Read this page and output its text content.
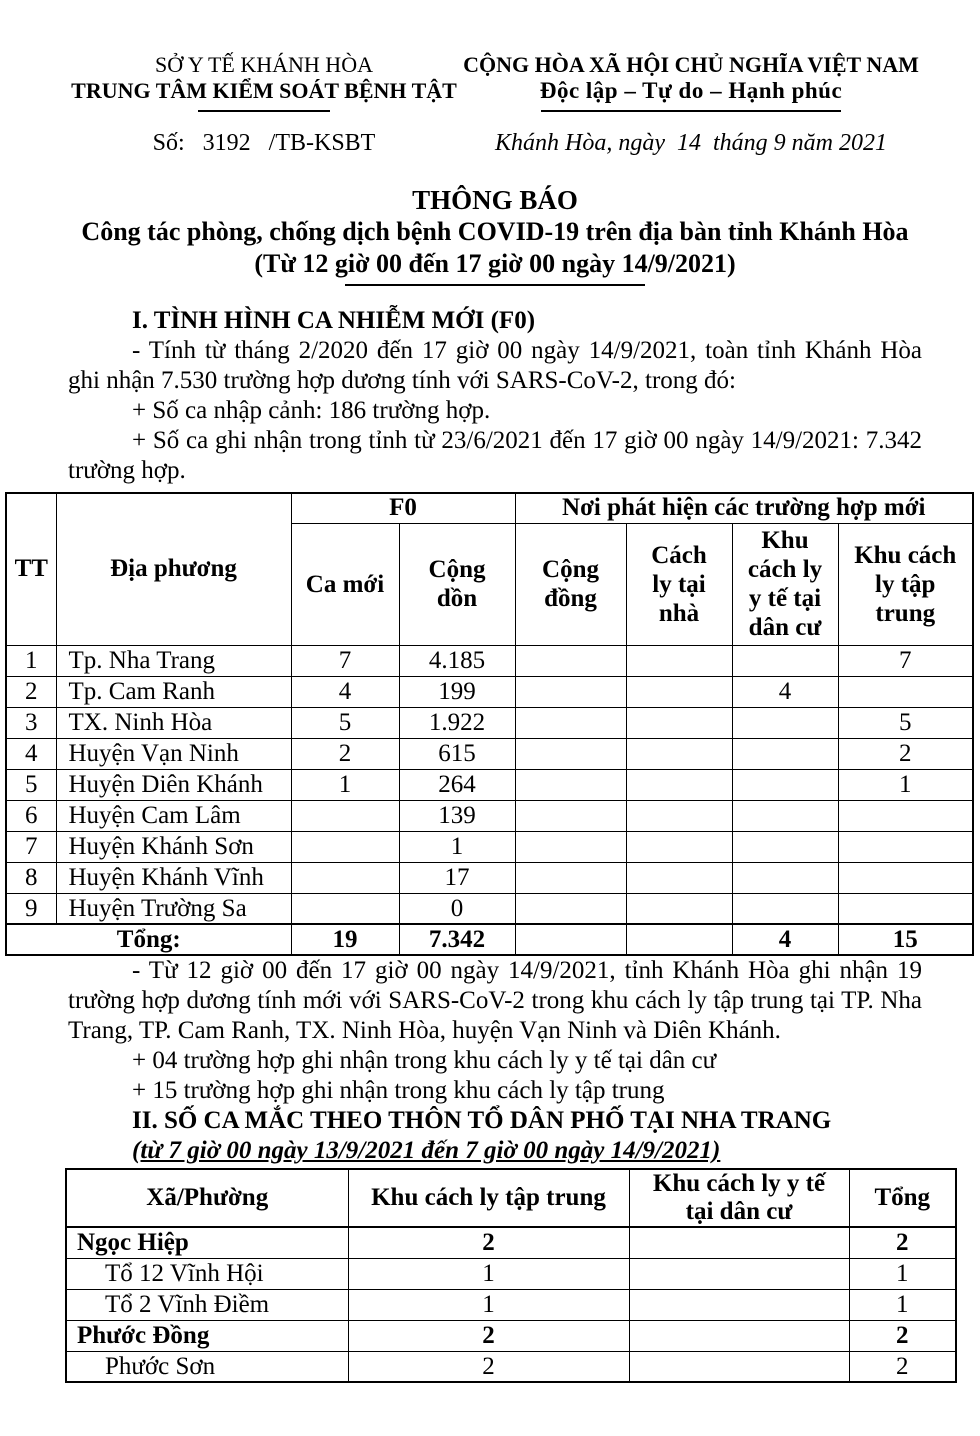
SỞ Y TẾ KHÁNH HÒA
TRUNG TÂM KIỂM SOÁT BỆNH TẬT
CỘNG HÒA XÃ HỘI CHỦ NGHĨA VIỆT NAM
Độc lập – Tự do – Hạnh phúc
Số:   3192   /TB-KSBT	Khánh Hòa, ngày  14  tháng 9 năm 2021
THÔNG BÁO
Công tác phòng, chống dịch bệnh COVID-19 trên địa bàn tỉnh Khánh Hòa
(Từ 12 giờ 00 đến 17 giờ 00 ngày 14/9/2021)

I. TÌNH HÌNH CA NHIỄM MỚI (F0)

- Tính từ tháng 2/2020 đến 17 giờ 00 ngày 14/9/2021, toàn tỉnh Khánh Hòa ghi nhận 7.530 trường hợp dương tính với SARS-CoV-2, trong đó:

+ Số ca nhập cảnh: 186 trường hợp.

+ Số ca ghi nhận trong tỉnh từ 23/6/2021 đến 17 giờ 00 ngày 14/9/2021: 7.342 trường hợp.

TT	Địa phương	F0		Nơi phát hiện các trường hợp mới			
		Ca mới	Cộng dồn	Cộng đồng	Cách ly tại nhà	Khu cách ly y tế tại dân cư	Khu cách ly tập trung
1	Tp. Nha Trang	7	4.185				7
2	Tp. Cam Ranh	4	199			4	
3	TX. Ninh Hòa	5	1.922				5
4	Huyện Vạn Ninh	2	615				2
5	Huyện Diên Khánh	1	264				1
6	Huyện Cam Lâm		139				
7	Huyện Khánh Sơn		1				
8	Huyện Khánh Vĩnh		17				
9	Huyện Trường Sa		0				
Tổng:		19	7.342			4	15

- Từ 12 giờ 00 đến 17 giờ 00 ngày 14/9/2021, tỉnh Khánh Hòa ghi nhận 19 trường hợp dương tính mới với SARS-CoV-2 trong khu cách ly tập trung tại TP. Nha Trang, TP. Cam Ranh, TX. Ninh Hòa, huyện Vạn Ninh và Diên Khánh.

+ 04 trường hợp ghi nhận trong khu cách ly y tế tại dân cư

+ 15 trường hợp ghi nhận trong khu cách ly tập trung

II. SỐ CA MẮC THEO THÔN TỔ DÂN PHỐ TẠI NHA TRANG

(từ 7 giờ 00 ngày 13/9/2021 đến 7 giờ 00 ngày 14/9/2021)

Xã/Phường	Khu cách ly tập trung	Khu cách ly y tế tại dân cư	Tổng
Ngọc Hiệp	2		2
Tổ 12 Vĩnh Hội	1		1
Tổ 2 Vĩnh Điềm	1		1
Phước Đồng	2		2
Phước Sơn	2		2
